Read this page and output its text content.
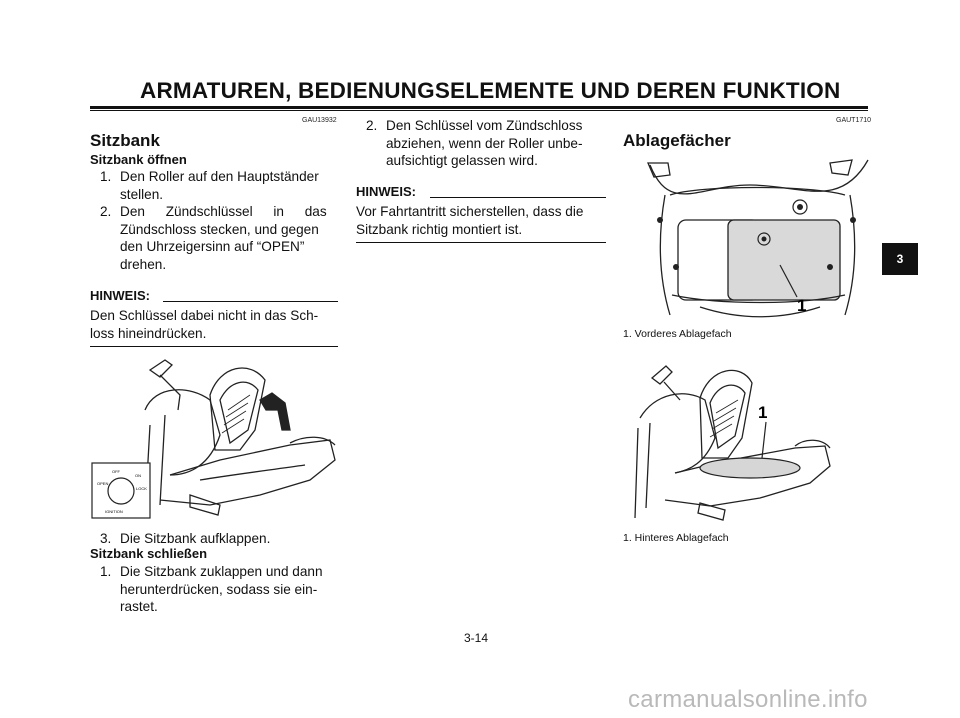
ARMATUREN, BEDIENUNGSELEMENTE UND DEREN FUNKTION
GAU13932
Sitzbank
Sitzbank öffnen
1. Den Roller auf den Hauptständer
stellen.
2. Den Zündschlüssel in das
Zündschloss stecken, und gegen
den Uhrzeigersinn auf “OPEN”
drehen.
HINWEIS:
Den Schlüssel dabei nicht in das Sch-
loss hineindrücken.
OPEN
OFF
ON
LOCK
IGNITION
3. Die Sitzbank aufklappen.
Sitzbank schließen
1. Die Sitzbank zuklappen und dann
herunterdrücken, sodass sie ein-
rastet.
2. Den Schlüssel vom Zündschloss
abziehen, wenn der Roller unbe-
aufsichtigt gelassen wird.
HINWEIS:
Vor Fahrtantritt sicherstellen, dass die
Sitzbank richtig montiert ist.
GAUT1710
Ablagefächer
1
1. Vorderes Ablagefach
1
1. Hinteres Ablagefach
3
3-14
carmanualsonline.info
